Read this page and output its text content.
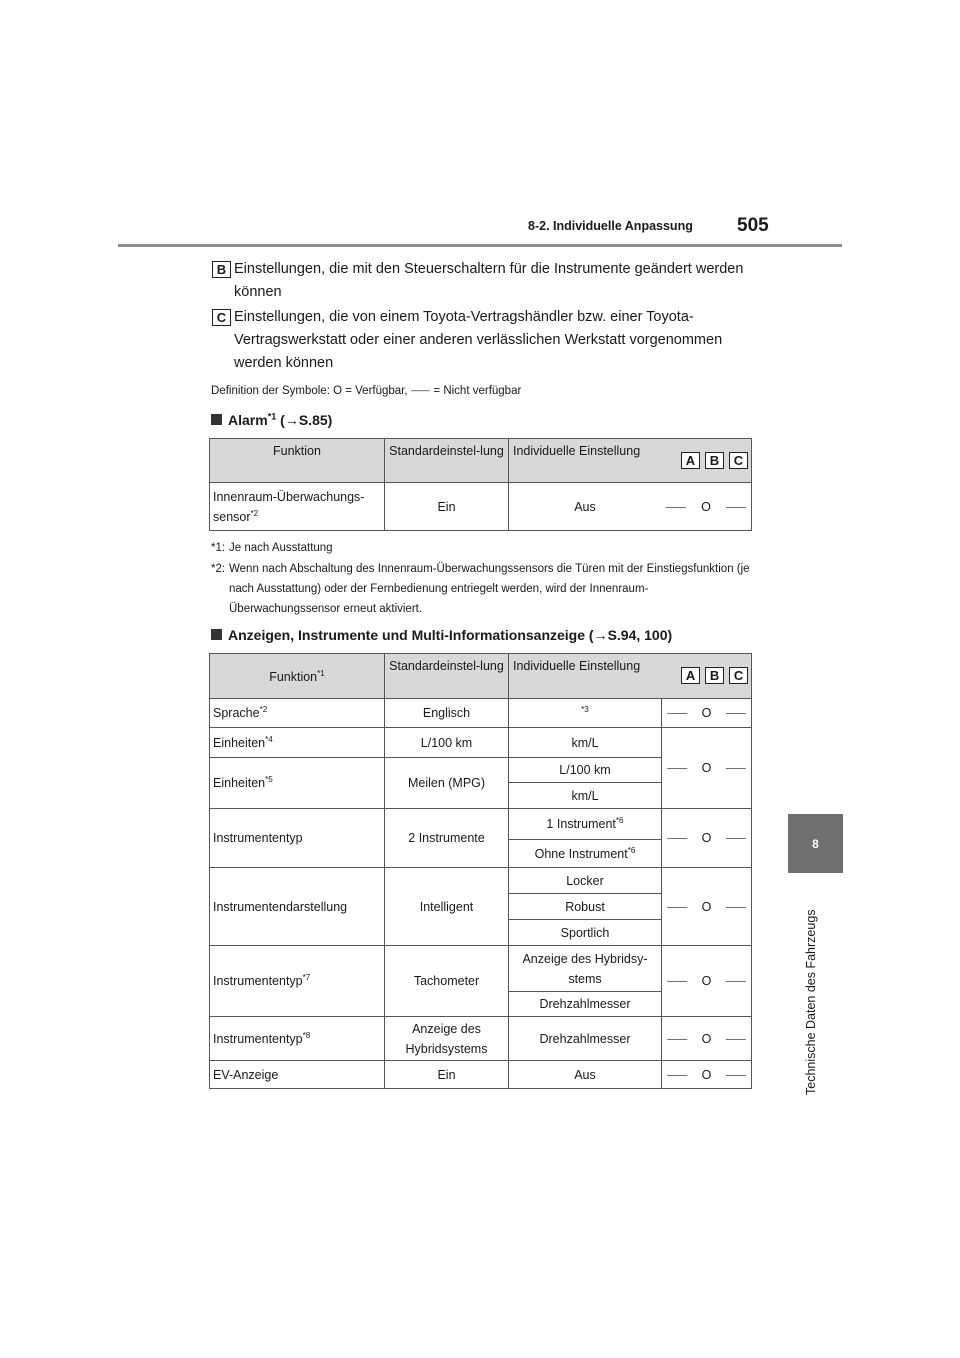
8-2. Individuelle Anpassung 505
8
Technische Daten des Fahrzeugs
B Einstellungen, die mit den Steuerschaltern für die Instrumente geändert werden können
C Einstellungen, die von einem Toyota-Vertragshändler bzw. einer Toyota-Vertragswerkstatt oder einer anderen verlässlichen Werkstatt vorgenommen werden können
Definition der Symbole: O = Verfügbar, ⸺ = Nicht verfügbar
Alarm$^{*1}$ (→S.85)
Funktion	Standardeinstel-lung	Individuelle Einstellung
A B C

Innenraum-Überwachungs-sensor$^{*2}$	Ein	Aus ⸺ O ⸺
*1: Je nach Ausstattung
*2: Wenn nach Abschaltung des Innenraum-Überwachungssensors die Türen mit der Einstiegsfunktion (je nach Ausstattung) oder der Fernbedienung entriegelt werden, wird der Innenraum-Überwachungssensor erneut aktiviert.
Anzeigen, Instrumente und Multi-Informationsanzeige (→S.94, 100)
Funktion$^{*1}$	Standardeinstel-lung	Individuelle Einstellung
A B C	

Sprache$^{*2}$	Englisch	$^{*3}$	⸺ O ⸺
Einheiten$^{*4}$	L/100 km	km/L	⸺ O ⸺
Einheiten$^{*5}$	Meilen (MPG)	L/100 km	
		km/L	
Instrumententyp	2 Instrumente	1 Instrument$^{*6}$	⸺ O ⸺
		Ohne Instrument$^{*6}$
Instrumentendarstellung	Intelligent	Locker	⸺ O ⸺
		Robust	
		Sportlich	
Instrumententyp$^{*7}$	Tachometer	Anzeige des Hybridsy-stems	⸺ O ⸺
		Drehzahlmesser	
Instrumententyp$^{*8}$	Anzeige des Hybridsystems	Drehzahlmesser	⸺ O ⸺
EV-Anzeige	Ein	Aus	⸺ O ⸺
